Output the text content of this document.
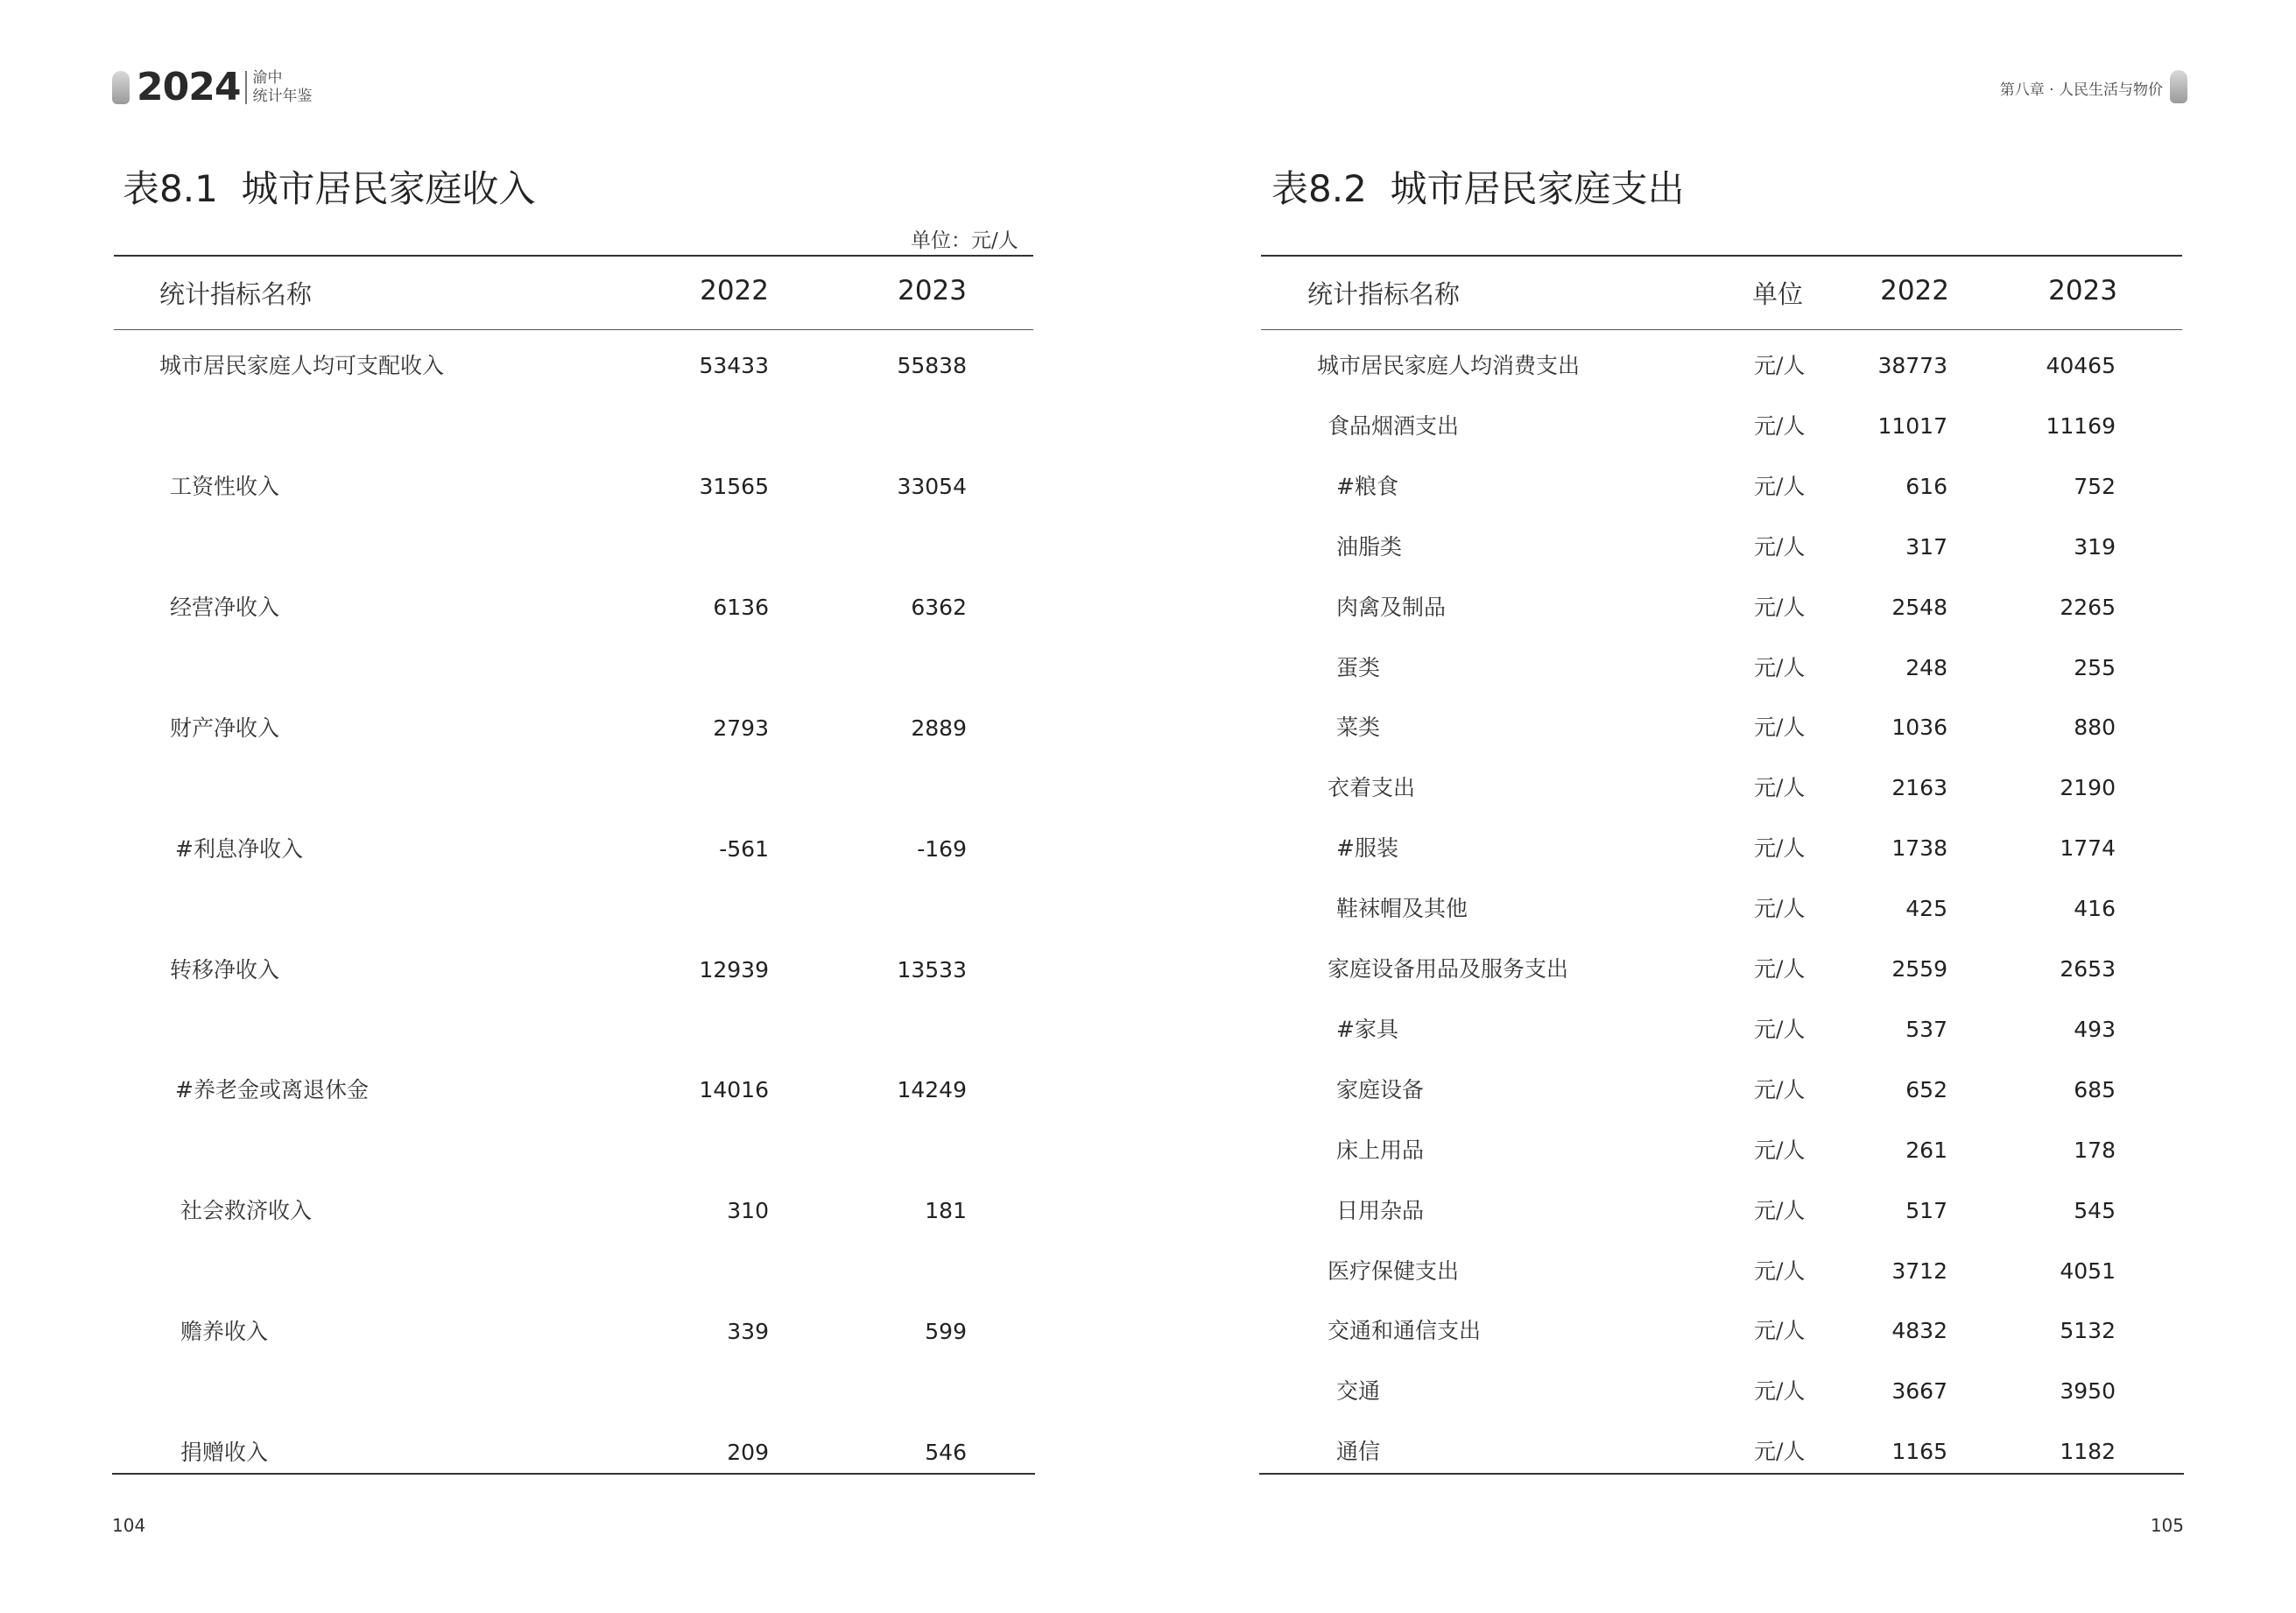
2024 渝中
统计年鉴	第八章 · 人民生活与物价
表8.1 城市居民家庭收入
单位：元/人
统计指标名称	2022	2023
城市居民家庭人均可支配收入	53433	55838
工资性收入	31565	33054
经营净收入	6136	6362
财产净收入	2793	2889
#利息净收入	-561	-169
转移净收入	12939	13533
#养老金或离退休金	14016	14249
社会救济收入	310	181
赡养收入	339	599
捐赠收入	209	546
表8.2 城市居民家庭支出
统计指标名称	单位	2022	2023
城市居民家庭人均消费支出	元/人	38773	40465
食品烟酒支出	元/人	11017	11169
#粮食	元/人	616	752
油脂类	元/人	317	319
肉禽及制品	元/人	2548	2265
蛋类	元/人	248	255
菜类	元/人	1036	880
衣着支出	元/人	2163	2190
#服装	元/人	1738	1774
鞋袜帽及其他	元/人	425	416
家庭设备用品及服务支出	元/人	2559	2653
#家具	元/人	537	493
家庭设备	元/人	652	685
床上用品	元/人	261	178
日用杂品	元/人	517	545
医疗保健支出	元/人	3712	4051
交通和通信支出	元/人	4832	5132
交通	元/人	3667	3950
通信	元/人	1165	1182
104	105
